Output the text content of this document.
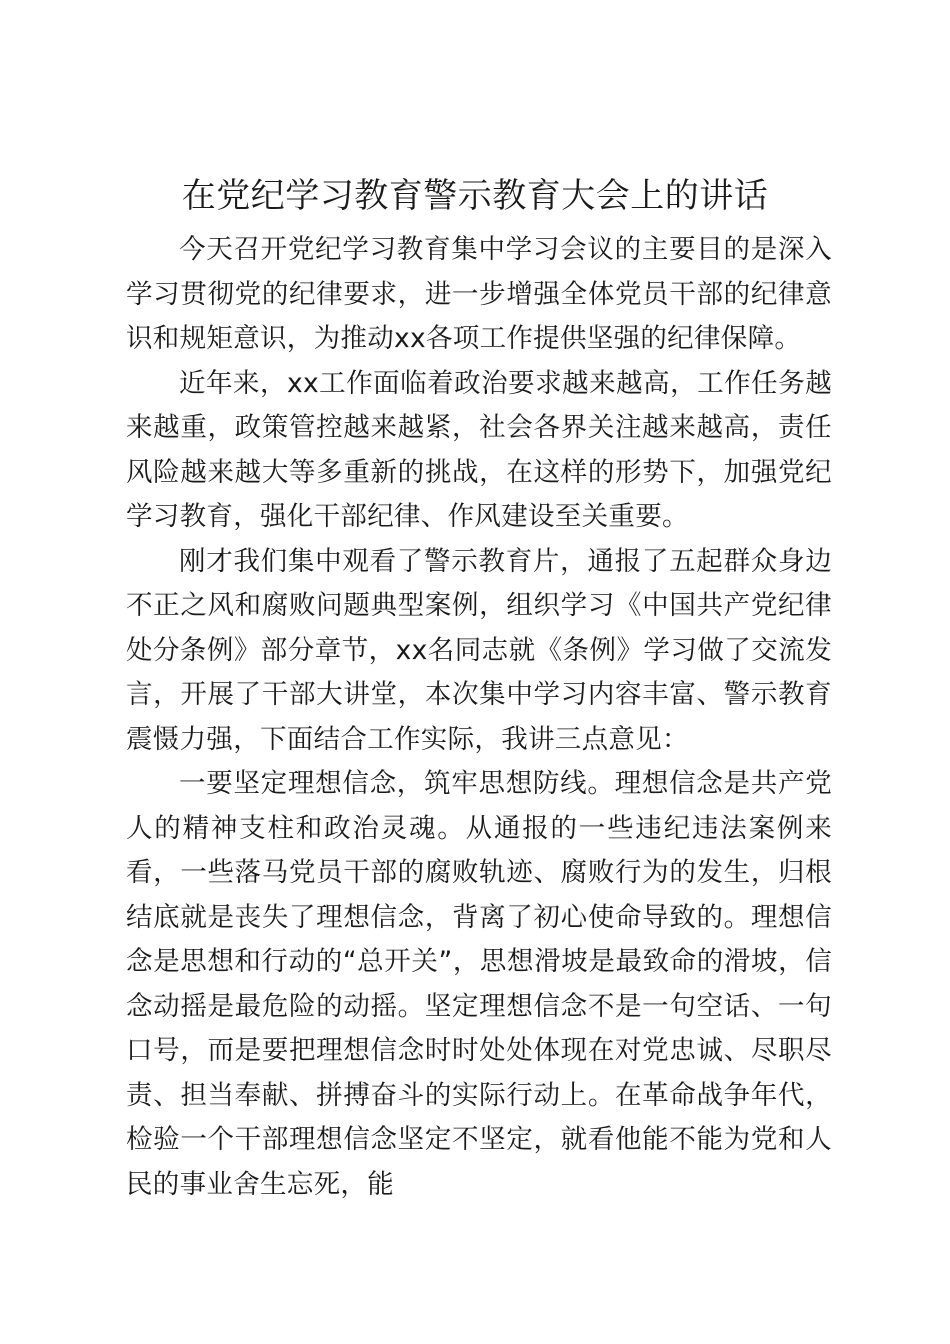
在党纪学习教育警示教育大会上的讲话

今天召开党纪学习教育集中学习会议的主要目的是深入学习贯彻党的纪律要求，进一步增强全体党员干部的纪律意识和规矩意识，为推动xx各项工作提供坚强的纪律保障。

近年来，xx工作面临着政治要求越来越高，工作任务越来越重，政策管控越来越紧，社会各界关注越来越高，责任风险越来越大等多重新的挑战，在这样的形势下，加强党纪学习教育，强化干部纪律、作风建设至关重要。

刚才我们集中观看了警示教育片，通报了五起群众身边不正之风和腐败问题典型案例，组织学习《中国共产党纪律处分条例》部分章节，xx名同志就《条例》学习做了交流发言，开展了干部大讲堂，本次集中学习内容丰富、警示教育震慑力强，下面结合工作实际，我讲三点意见：

一要坚定理想信念，筑牢思想防线。理想信念是共产党人的精神支柱和政治灵魂。从通报的一些违纪违法案例来看，一些落马党员干部的腐败轨迹、腐败行为的发生，归根结底就是丧失了理想信念，背离了初心使命导致的。理想信念是思想和行动的“总开关”，思想滑坡是最致命的滑坡，信念动摇是最危险的动摇。坚定理想信念不是一句空话、一句口号，而是要把理想信念时时处处体现在对党忠诚、尽职尽责、担当奉献、拼搏奋斗的实际行动上。在革命战争年代，检验一个干部理想信念坚定不坚定，就看他能不能为党和人民的事业舍生忘死，能
